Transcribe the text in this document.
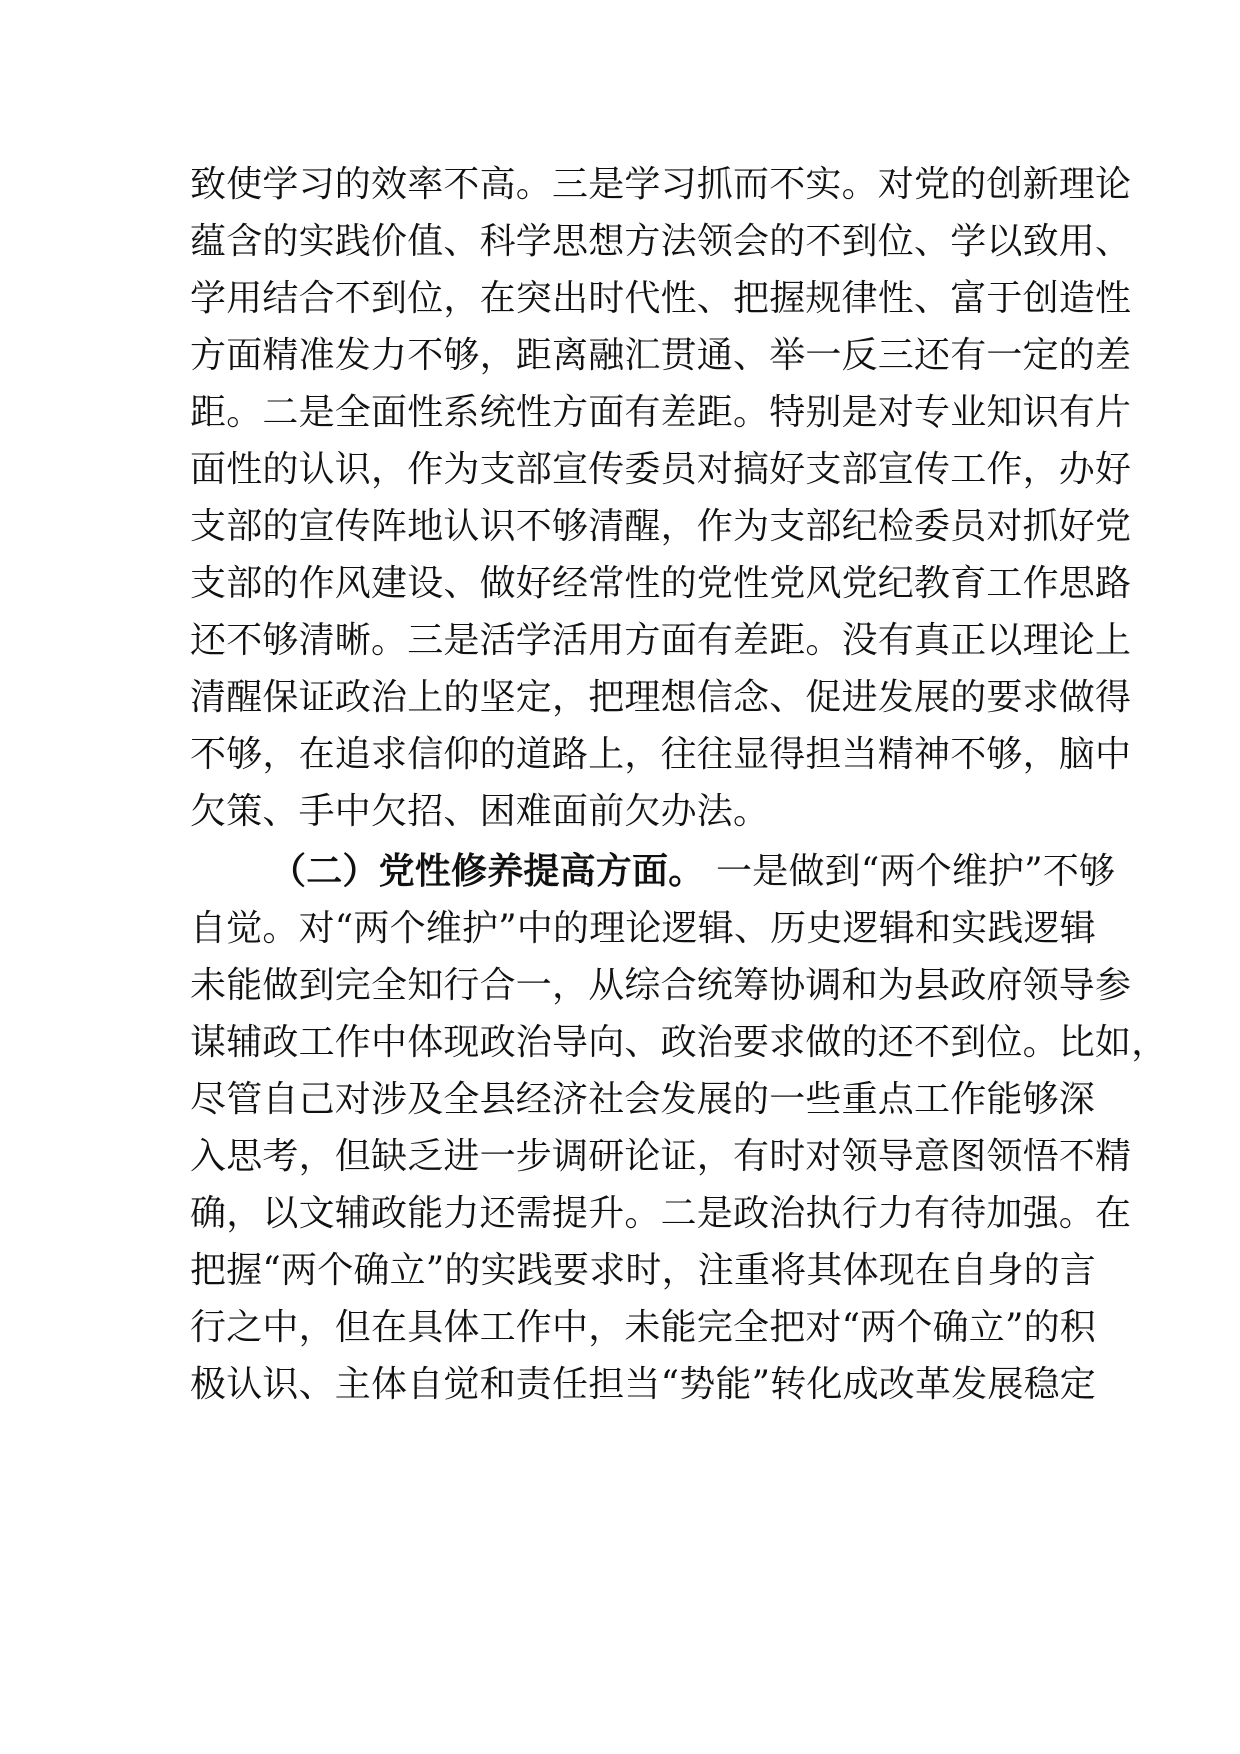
致使学习的效率不高。三是学习抓而不实。对党的创新理论
蕴含的实践价值、科学思想方法领会的不到位、学以致用、
学用结合不到位，在突出时代性、把握规律性、富于创造性
方面精准发力不够，距离融汇贯通、举一反三还有一定的差
距。二是全面性系统性方面有差距。特别是对专业知识有片
面性的认识，作为支部宣传委员对搞好支部宣传工作，办好
支部的宣传阵地认识不够清醒，作为支部纪检委员对抓好党
支部的作风建设、做好经常性的党性党风党纪教育工作思路
还不够清晰。三是活学活用方面有差距。没有真正以理论上
清醒保证政治上的坚定，把理想信念、促进发展的要求做得
不够，在追求信仰的道路上，往往显得担当精神不够，脑中
欠策、手中欠招、困难面前欠办法。
（二）党性修养提高方面。 一是做到“两个维护”不够
自觉。对“两个维护”中的理论逻辑、历史逻辑和实践逻辑
未能做到完全知行合一，从综合统筹协调和为县政府领导参
谋辅政工作中体现政治导向、政治要求做的还不到位。比如，
尽管自己对涉及全县经济社会发展的一些重点工作能够深
入思考，但缺乏进一步调研论证，有时对领导意图领悟不精
确，以文辅政能力还需提升。二是政治执行力有待加强。在
把握“两个确立”的实践要求时，注重将其体现在自身的言
行之中，但在具体工作中，未能完全把对“两个确立”的积
极认识、主体自觉和责任担当“势能”转化成改革发展稳定
